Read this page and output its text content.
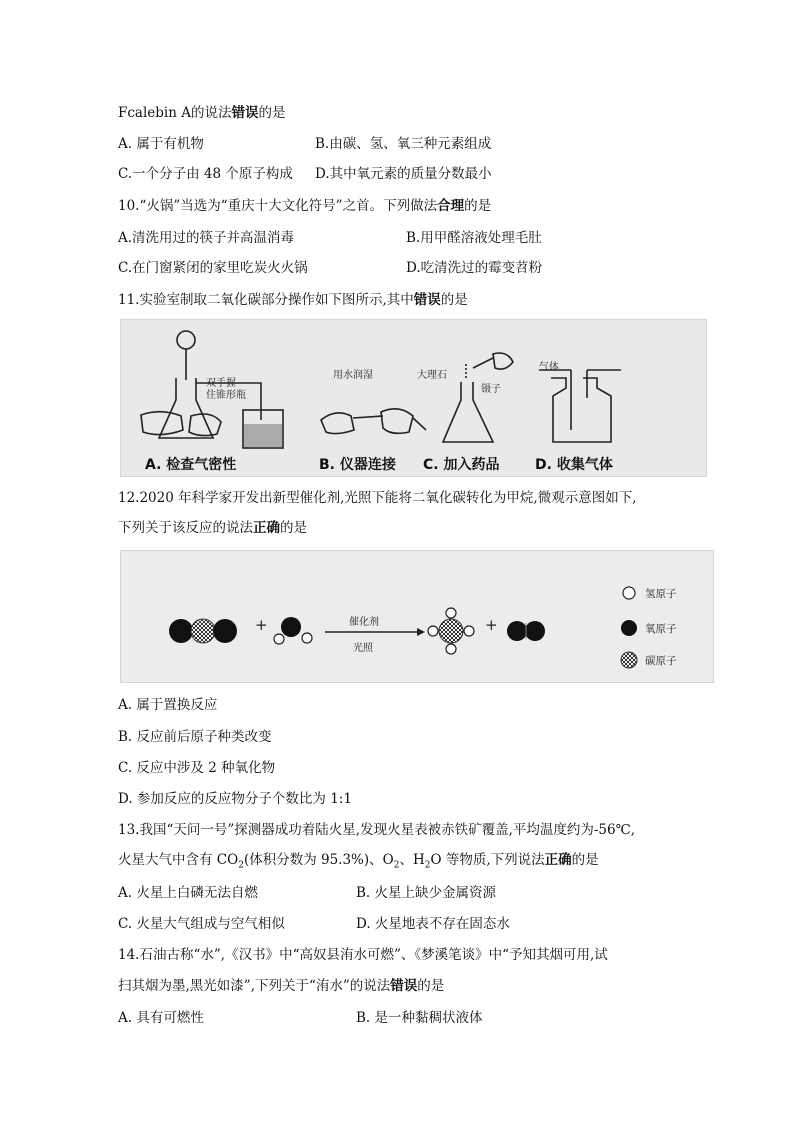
Fcalebin A的说法错误的是
A. 属于有机物	B.由碳、氢、氧三种元素组成
C.一个分子由 48 个原子构成 D.其中氧元素的质量分数最小
10.“火锅”当选为“重庆十大文化符号”之首。下列做法合理的是
A.清洗用过的筷子并高温消毒	B.用甲醛溶液处理毛肚
C.在门窗紧闭的家里吃炭火火锅	D.吃清洗过的霉变苕粉
11.实验室制取二氧化碳部分操作如下图所示,其中错误的是
双手握
住锥形瓶
用水润湿	大理石
镊子
气体
A. 检查气密性	B. 仪器连接 C. 加入药品	D. 收集气体
12.2020 年科学家开发出新型催化剂,光照下能将二氧化碳转化为甲烷,微观示意图如下,
下列关于该反应的说法正确的是
+	+
催化剂
光照
氢原子
氧原子
碳原子
A. 属于置换反应
B. 反应前后原子种类改变
C. 反应中涉及 2 种氧化物
D. 参加反应的反应物分子个数比为 1:1
13.我国“天问一号”探测器成功着陆火星,发现火星表被赤铁矿覆盖,平均温度约为-56℃,
火星大气中含有 $CO_2$(体积分数为 95.3%)、$O_2$、$H_2O$ 等物质,下列说法正确的是
A. 火星上白磷无法自燃	B. 火星上缺少金属资源
C. 火星大气组成与空气相似	D. 火星地表不存在固态水
14.石油古称“水”,《汉书》中“高奴县洧水可燃”、《梦溪笔谈》中“予知其烟可用,试
扫其烟为墨,黑光如漆”,下列关于“洧水”的说法错误的是
A. 具有可燃性	B. 是一种黏稠状液体
